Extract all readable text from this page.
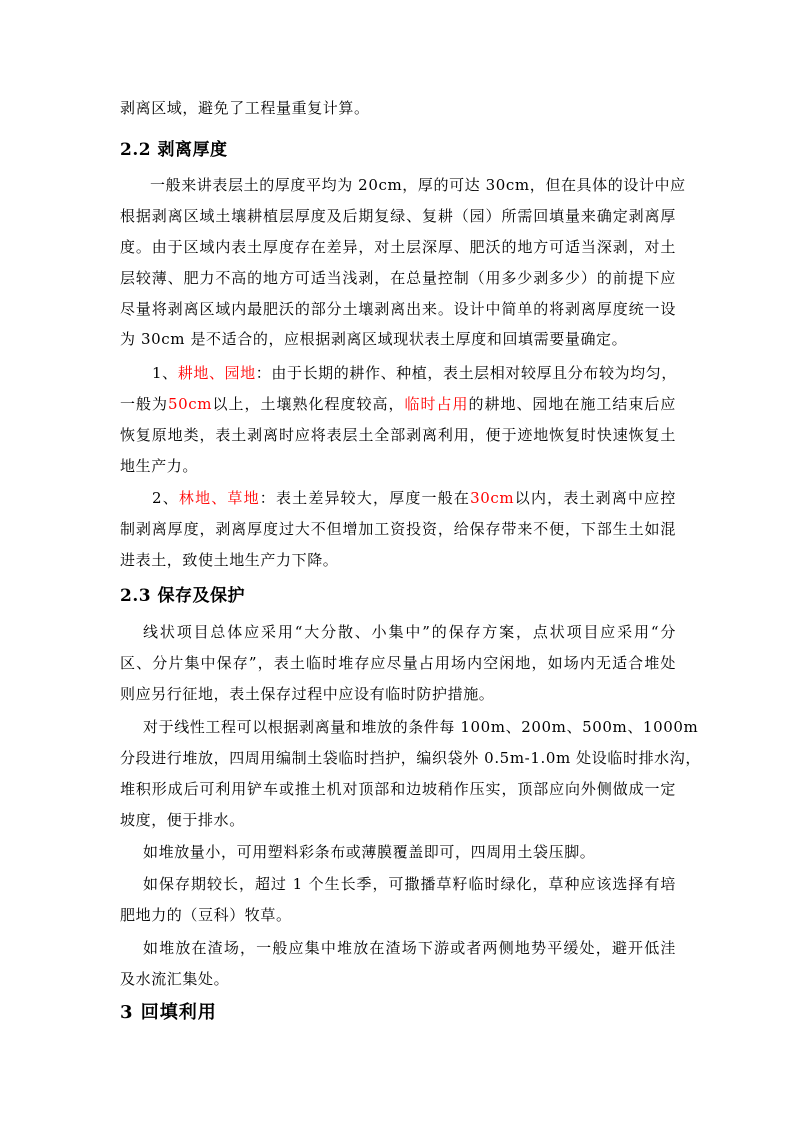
剥离区域，避免了工程量重复计算。
2.2 剥离厚度
一般来讲表层土的厚度平均为 20cm，厚的可达 30cm，但在具体的设计中应
根据剥离区域土壤耕植层厚度及后期复绿、复耕（园）所需回填量来确定剥离厚
度。由于区域内表土厚度存在差异，对土层深厚、肥沃的地方可适当深剥，对土
层较薄、肥力不高的地方可适当浅剥，在总量控制（用多少剥多少）的前提下应
尽量将剥离区域内最肥沃的部分土壤剥离出来。设计中简单的将剥离厚度统一设
为 30cm 是不适合的，应根据剥离区域现状表土厚度和回填需要量确定。
1、耕地、园地：由于长期的耕作、种植，表土层相对较厚且分布较为均匀，
一般为50cm以上，土壤熟化程度较高，临时占用的耕地、园地在施工结束后应
恢复原地类，表土剥离时应将表层土全部剥离利用，便于迹地恢复时快速恢复土
地生产力。
2、林地、草地：表土差异较大，厚度一般在30cm以内，表土剥离中应控
制剥离厚度，剥离厚度过大不但增加工资投资，给保存带来不便，下部生土如混
进表土，致使土地生产力下降。
2.3 保存及保护
线状项目总体应采用“大分散、小集中”的保存方案，点状项目应采用“分
区、分片集中保存”，表土临时堆存应尽量占用场内空闲地，如场内无适合堆处
则应另行征地，表土保存过程中应设有临时防护措施。
对于线性工程可以根据剥离量和堆放的条件每 100m、200m、500m、1000m
分段进行堆放，四周用编制土袋临时挡护，编织袋外 0.5m-1.0m 处设临时排水沟，
堆积形成后可利用铲车或推土机对顶部和边坡稍作压实，顶部应向外侧做成一定
坡度，便于排水。
如堆放量小，可用塑料彩条布或薄膜覆盖即可，四周用土袋压脚。
如保存期较长，超过 1 个生长季，可撒播草籽临时绿化，草种应该选择有培
肥地力的（豆科）牧草。
如堆放在渣场，一般应集中堆放在渣场下游或者两侧地势平缓处，避开低洼
及水流汇集处。
3 回填利用
